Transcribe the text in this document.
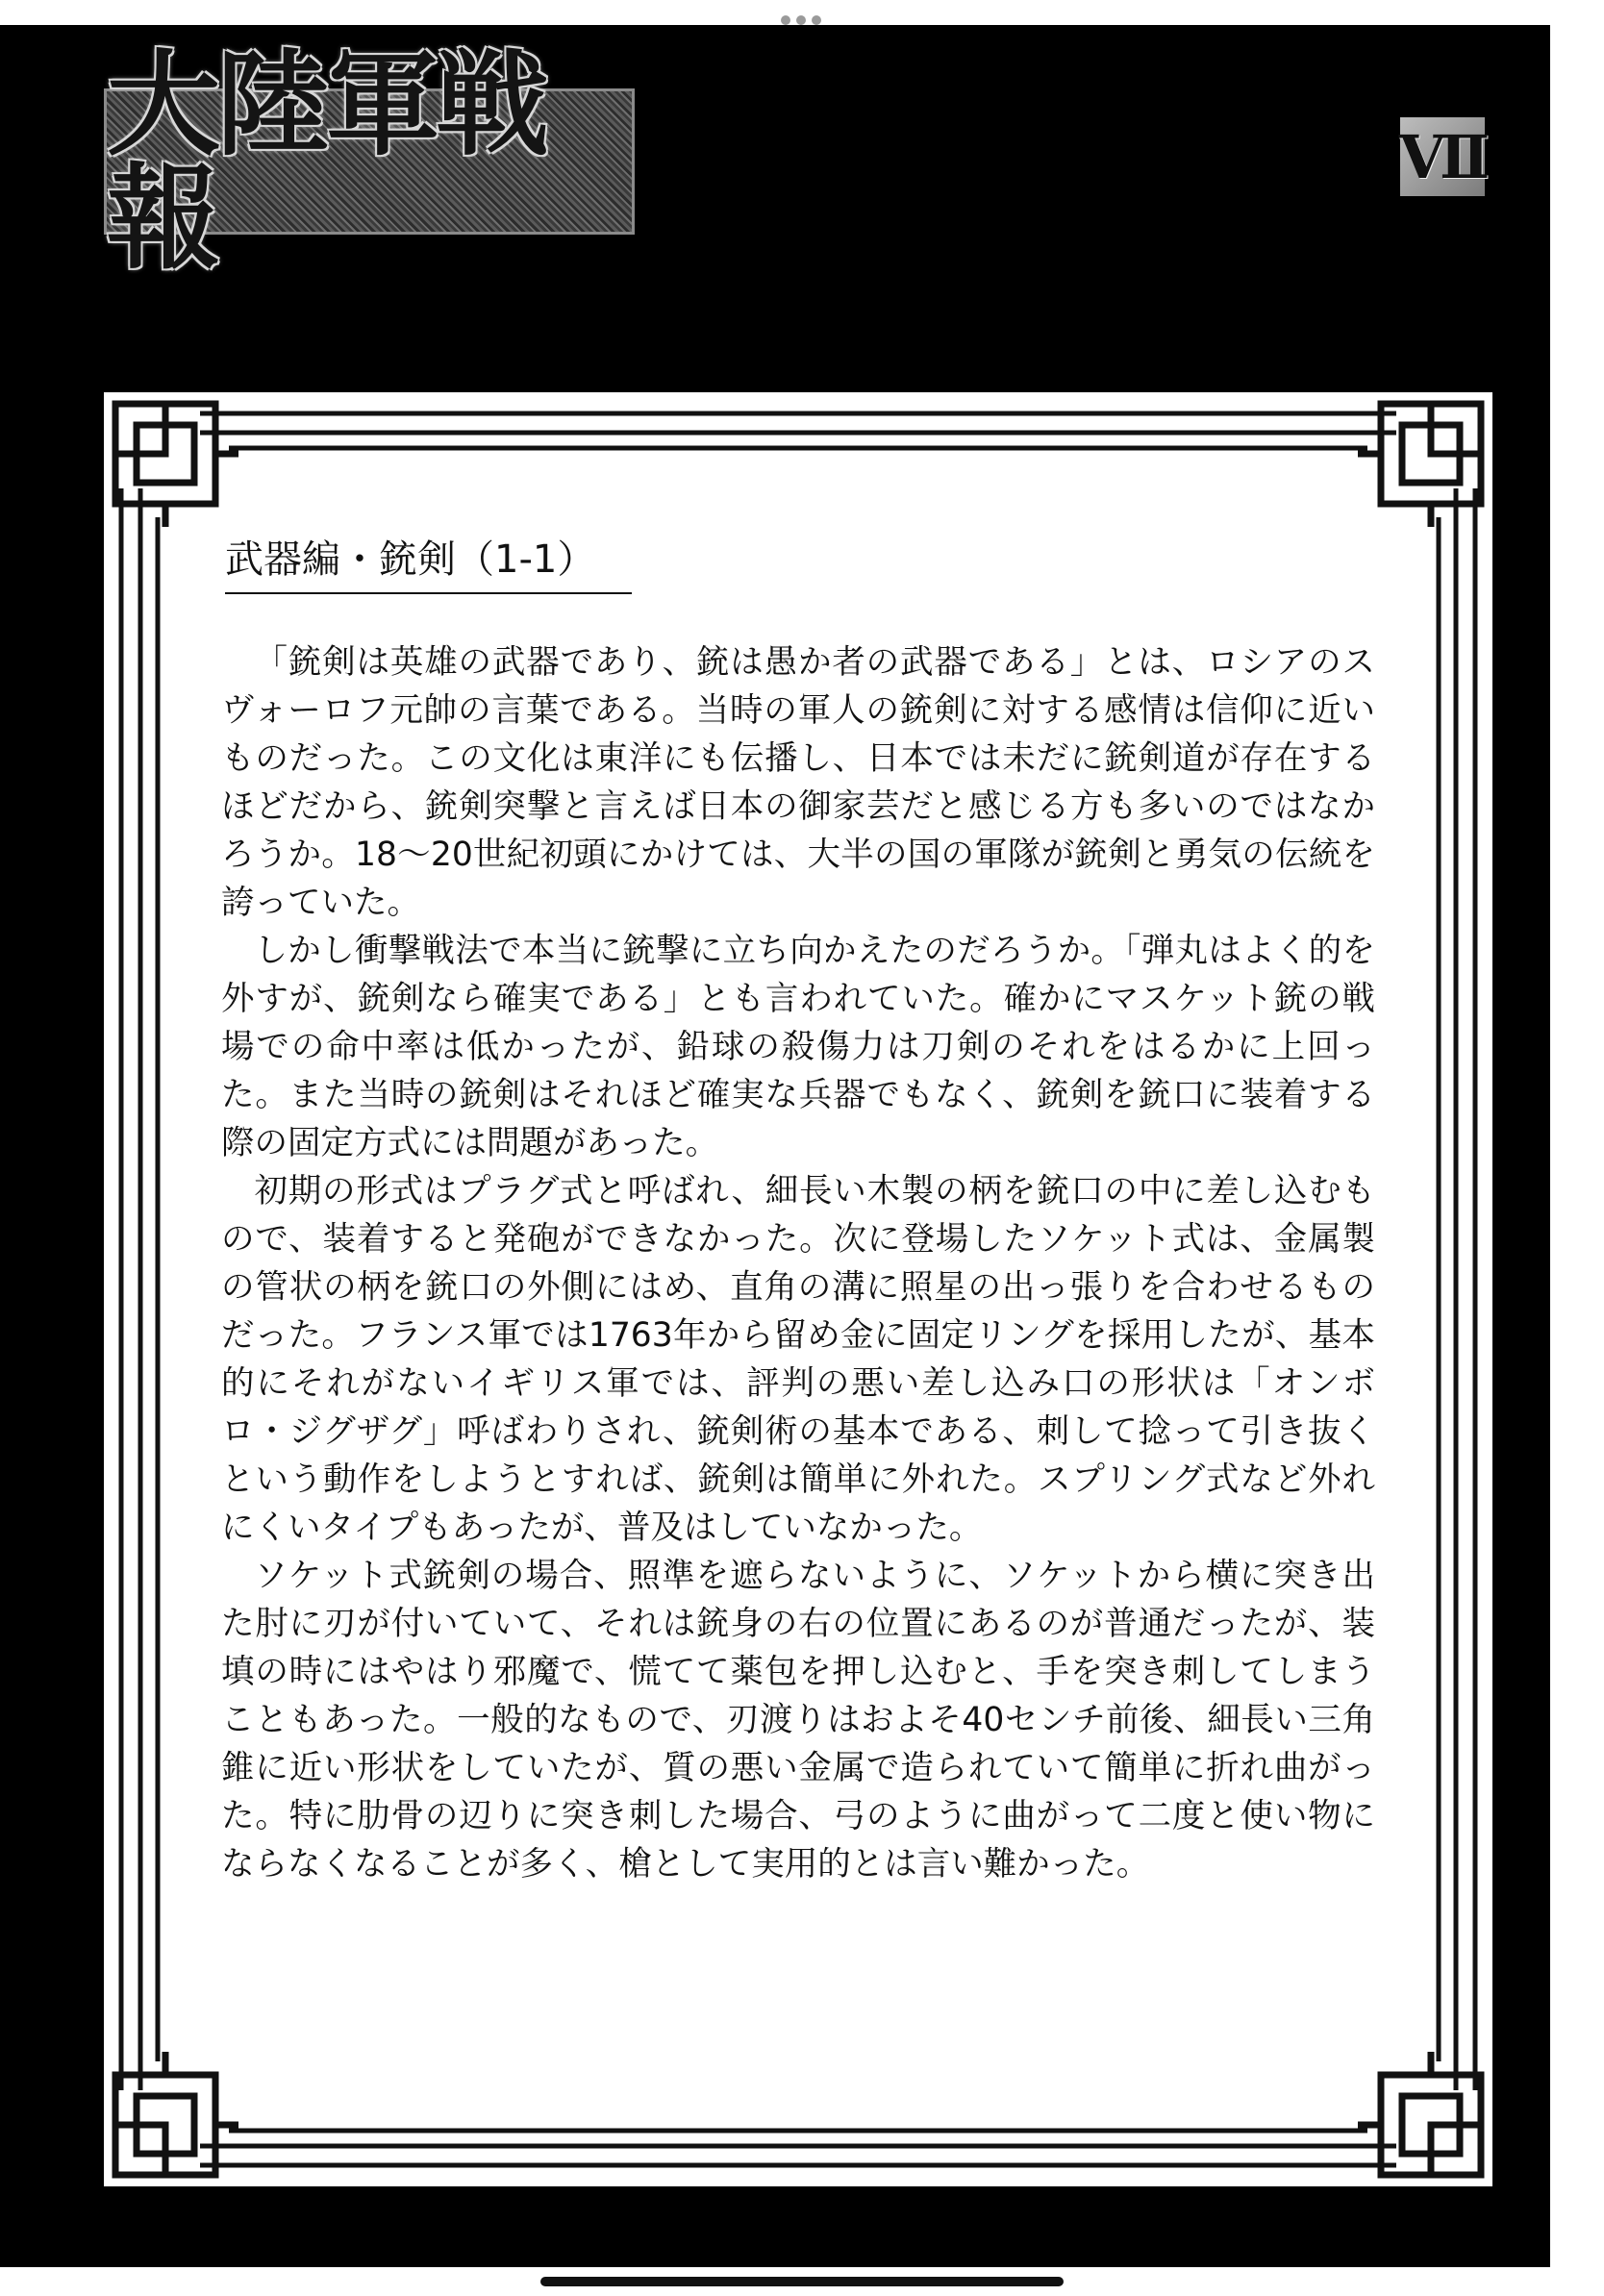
大陸軍戦報	Ⅶ
武器編・銃剣（1-1）

「銃剣は英雄の武器であり、銃は愚か者の武器である」とは、ロシアのスヴォーロフ元帥の言葉である。当時の軍人の銃剣に対する感情は信仰に近いものだった。この文化は東洋にも伝播し、日本では未だに銃剣道が存在するほどだから、銃剣突撃と言えば日本の御家芸だと感じる方も多いのではなかろうか。18〜20世紀初頭にかけては、大半の国の軍隊が銃剣と勇気の伝統を誇っていた。

しかし衝撃戦法で本当に銃撃に立ち向かえたのだろうか。「弾丸はよく的を外すが、銃剣なら確実である」とも言われていた。確かにマスケット銃の戦場での命中率は低かったが、鉛球の殺傷力は刀剣のそれをはるかに上回った。また当時の銃剣はそれほど確実な兵器でもなく、銃剣を銃口に装着する際の固定方式には問題があった。

初期の形式はプラグ式と呼ばれ、細長い木製の柄を銃口の中に差し込むもので、装着すると発砲ができなかった。次に登場したソケット式は、金属製の管状の柄を銃口の外側にはめ、直角の溝に照星の出っ張りを合わせるものだった。フランス軍では1763年から留め金に固定リングを採用したが、基本的にそれがないイギリス軍では、評判の悪い差し込み口の形状は「オンボロ・ジグザグ」呼ばわりされ、銃剣術の基本である、刺して捻って引き抜くという動作をしようとすれば、銃剣は簡単に外れた。スプリング式など外れにくいタイプもあったが、普及はしていなかった。

ソケット式銃剣の場合、照準を遮らないように、ソケットから横に突き出た肘に刃が付いていて、それは銃身の右の位置にあるのが普通だったが、装填の時にはやはり邪魔で、慌てて薬包を押し込むと、手を突き刺してしまうこともあった。一般的なもので、刃渡りはおよそ40センチ前後、細長い三角錐に近い形状をしていたが、質の悪い金属で造られていて簡単に折れ曲がった。特に肋骨の辺りに突き刺した場合、弓のように曲がって二度と使い物にならなくなることが多く、槍として実用的とは言い難かった。
